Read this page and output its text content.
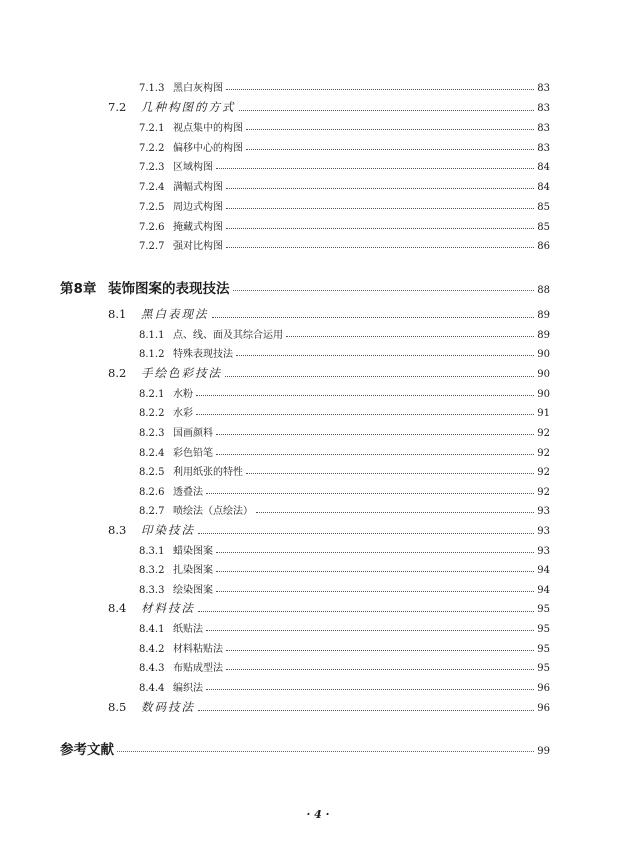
7.1.3 黑白灰构图	83
7.2	几种构图的方式	83
7.2.1 视点集中的构图	83
7.2.2 偏移中心的构图	83
7.2.3 区域构图	84
7.2.4 满幅式构图	84
7.2.5 周边式构图	85
7.2.6 掩藏式构图	85
7.2.7 强对比构图	86
第8章 装饰图案的表现技法	88
8.1	黑白表现法	89
8.1.1 点、线、面及其综合运用	89
8.1.2 特殊表现技法	90
8.2	手绘色彩技法	90
8.2.1 水粉	90
8.2.2 水彩	91
8.2.3 国画颜料	92
8.2.4 彩色铅笔	92
8.2.5 利用纸张的特性	92
8.2.6 透叠法	92
8.2.7 喷绘法（点绘法）	93
8.3	印染技法	93
8.3.1 蜡染图案	93
8.3.2 扎染图案	94
8.3.3 绘染图案	94
8.4	材料技法	95
8.4.1 纸贴法	95
8.4.2 材料粘贴法	95
8.4.3 布贴成型法	95
8.4.4 编织法	96
8.5	数码技法	96
参考文献	99
· 4 ·
